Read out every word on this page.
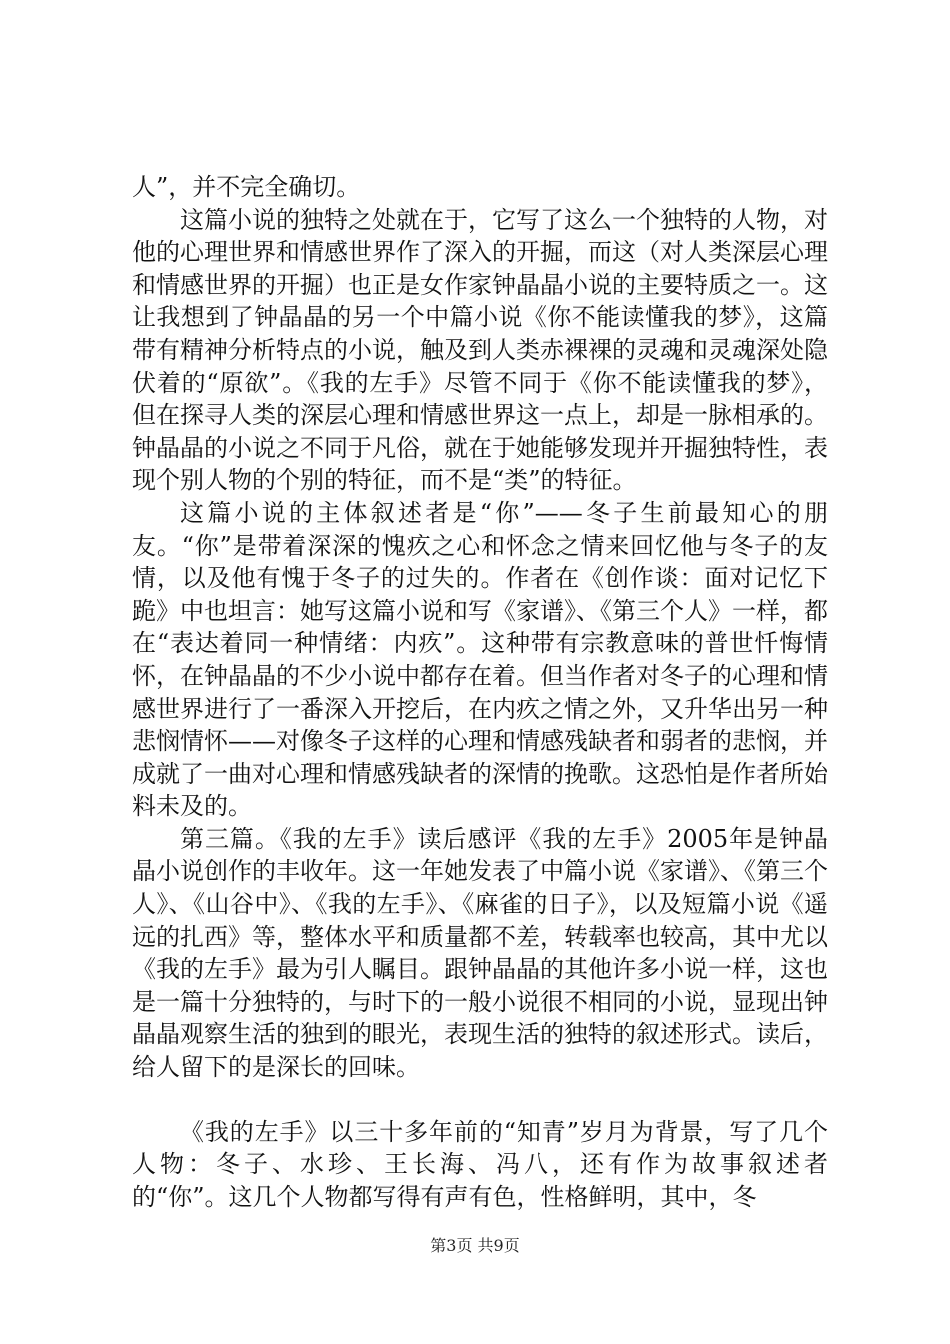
人”，并不完全确切。

这篇小说的独特之处就在于，它写了这么一个独特的人物，对他的心理世界和情感世界作了深入的开掘，而这（对人类深层心理和情感世界的开掘）也正是女作家钟晶晶小说的主要特质之一。这让我想到了钟晶晶的另一个中篇小说《你不能读懂我的梦》，这篇带有精神分析特点的小说，触及到人类赤裸裸的灵魂和灵魂深处隐伏着的“原欲”。《我的左手》尽管不同于《你不能读懂我的梦》，但在探寻人类的深层心理和情感世界这一点上，却是一脉相承的。钟晶晶的小说之不同于凡俗，就在于她能够发现并开掘独特性，表现个别人物的个别的特征，而不是“类”的特征。

这篇小说的主体叙述者是“你”——冬子生前最知心的朋友。“你”是带着深深的愧疚之心和怀念之情来回忆他与冬子的友情，以及他有愧于冬子的过失的。作者在《创作谈：面对记忆下跪》中也坦言：她写这篇小说和写《家谱》、《第三个人》一样，都在“表达着同一种情绪：内疚”。这种带有宗教意味的普世忏悔情怀，在钟晶晶的不少小说中都存在着。但当作者对冬子的心理和情感世界进行了一番深入开挖后，在内疚之情之外，又升华出另一种悲悯情怀——对像冬子这样的心理和情感残缺者和弱者的悲悯，并成就了一曲对心理和情感残缺者的深情的挽歌。这恐怕是作者所始料未及的。

第三篇。《我的左手》读后感评《我的左手》2005年是钟晶晶小说创作的丰收年。这一年她发表了中篇小说《家谱》、《第三个人》、《山谷中》、《我的左手》、《麻雀的日子》，以及短篇小说《遥远的扎西》等，整体水平和质量都不差，转载率也较高，其中尤以《我的左手》最为引人瞩目。跟钟晶晶的其他许多小说一样，这也是一篇十分独特的，与时下的一般小说很不相同的小说，显现出钟晶晶观察生活的独到的眼光，表现生活的独特的叙述形式。读后，给人留下的是深长的回味。

《我的左手》以三十多年前的“知青”岁月为背景，写了几个人物：冬子、水珍、王长海、冯八，还有作为故事叙述者的“你”。这几个人物都写得有声有色，性格鲜明，其中，冬

第3页 共9页
